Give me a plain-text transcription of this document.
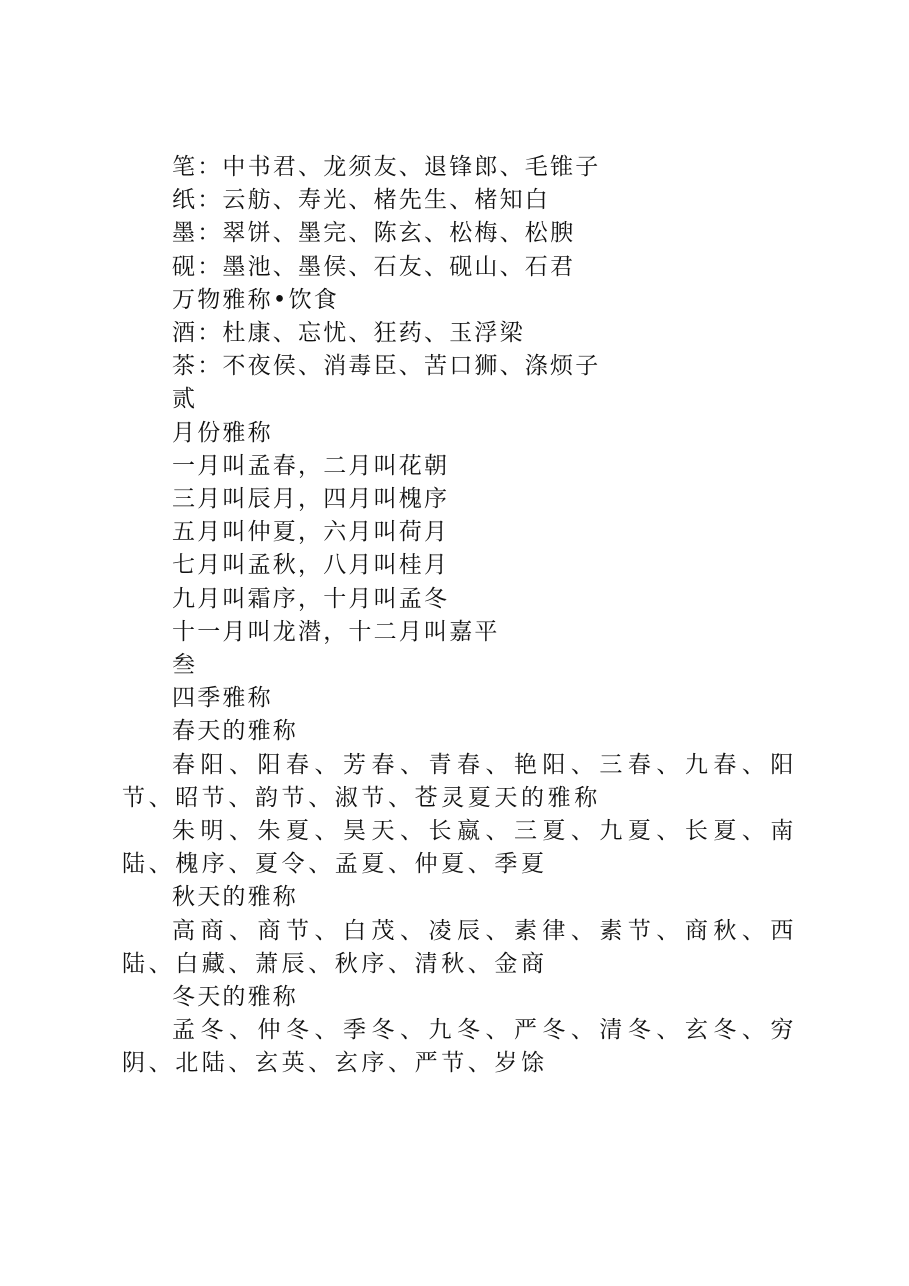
笔：中书君、龙须友、退锋郎、毛锥子

纸：云舫、寿光、楮先生、楮知白

墨：翠饼、墨完、陈玄、松梅、松腴

砚：墨池、墨侯、石友、砚山、石君

万物雅称•饮食

酒：杜康、忘忧、狂药、玉浮梁

茶：不夜侯、消毒臣、苦口狮、涤烦子

贰

月份雅称

一月叫孟春，二月叫花朝

三月叫辰月，四月叫槐序

五月叫仲夏，六月叫荷月

七月叫孟秋，八月叫桂月

九月叫霜序，十月叫孟冬

十一月叫龙潜，十二月叫嘉平

叁

四季雅称

春天的雅称

春阳、阳春、芳春、青春、艳阳、三春、九春、阳节、昭节、韵节、淑节、苍灵夏天的雅称

朱明、朱夏、昊天、长嬴、三夏、九夏、长夏、南陆、槐序、夏令、孟夏、仲夏、季夏

秋天的雅称

高商、商节、白茂、凌辰、素律、素节、商秋、西陆、白藏、萧辰、秋序、清秋、金商

冬天的雅称

孟冬、仲冬、季冬、九冬、严冬、清冬、玄冬、穷阴、北陆、玄英、玄序、严节、岁馀
